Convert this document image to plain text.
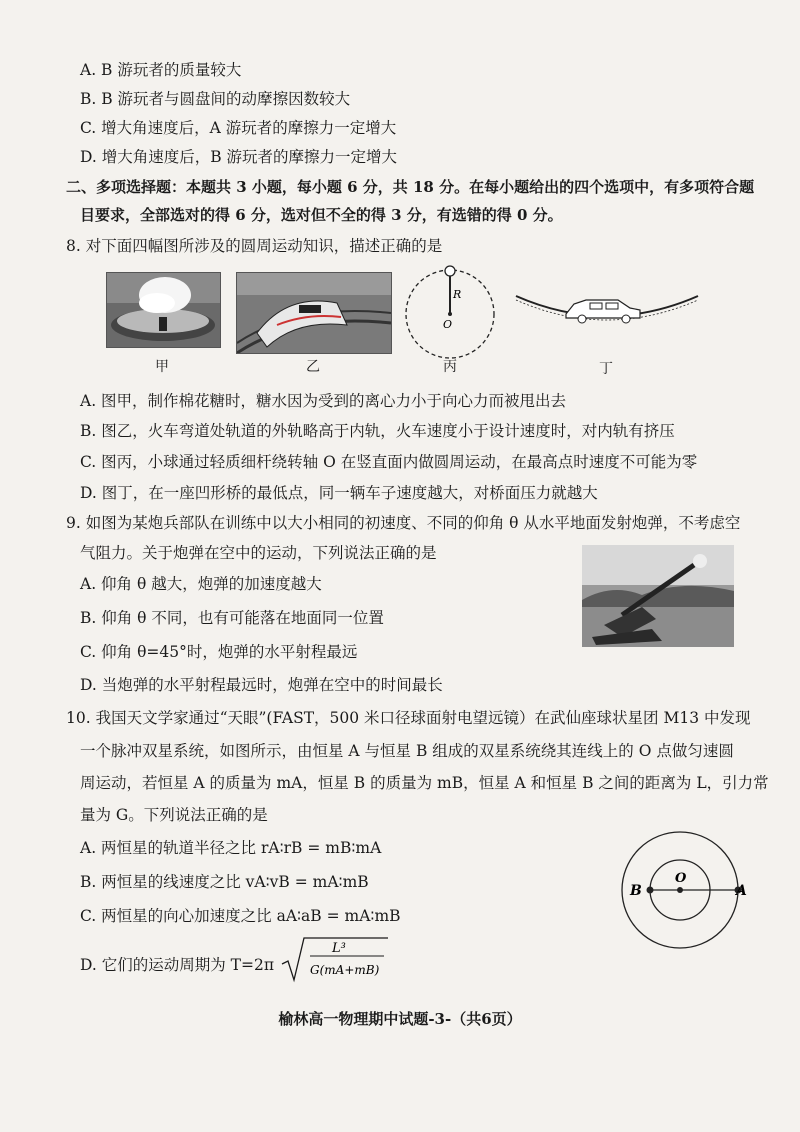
A. B 游玩者的质量较大
B. B 游玩者与圆盘间的动摩擦因数较大
C. 增大角速度后，A 游玩者的摩擦力一定增大
D. 增大角速度后，B 游玩者的摩擦力一定增大
二、多项选择题：本题共 3 小题，每小题 6 分，共 18 分。在每小题给出的四个选项中，有多项符合题
目要求，全部选对的得 6 分，选对但不全的得 3 分，有选错的得 0 分。
8. 对下面四幅图所涉及的圆周运动知识，描述正确的是
甲	乙
R
O
丙	丁
A. 图甲，制作棉花糖时，糖水因为受到的离心力小于向心力而被甩出去
B. 图乙，火车弯道处轨道的外轨略高于内轨，火车速度小于设计速度时，对内轨有挤压
C. 图丙，小球通过轻质细杆绕转轴 O 在竖直面内做圆周运动，在最高点时速度不可能为零
D. 图丁，在一座凹形桥的最低点，同一辆车子速度越大，对桥面压力就越大
9. 如图为某炮兵部队在训练中以大小相同的初速度、不同的仰角 θ 从水平地面发射炮弹，不考虑空
气阻力。关于炮弹在空中的运动，下列说法正确的是
A. 仰角 θ 越大，炮弹的加速度越大
B. 仰角 θ 不同，也有可能落在地面同一位置
C. 仰角 θ=45°时，炮弹的水平射程最远
D. 当炮弹的水平射程最远时，炮弹在空中的时间最长
10. 我国天文学家通过“天眼”(FAST，500 米口径球面射电望远镜）在武仙座球状星团 M13 中发现
一个脉冲双星系统，如图所示，由恒星 A 与恒星 B 组成的双星系统绕其连线上的 O 点做匀速圆
周运动，若恒星 A 的质量为 mA，恒星 B 的质量为 mB，恒星 A 和恒星 B 之间的距离为 L，引力常
量为 G。下列说法正确的是
A. 两恒星的轨道半径之比 rA∶rB = mB∶mA
B. 两恒星的线速度之比 vA∶vB = mA∶mB
C. 两恒星的向心加速度之比 aA∶aB = mA∶mB
D. 它们的运动周期为 T=2π
L³
G(mA+mB)
B
O
A
榆林高一物理期中试题-3-（共6页）
